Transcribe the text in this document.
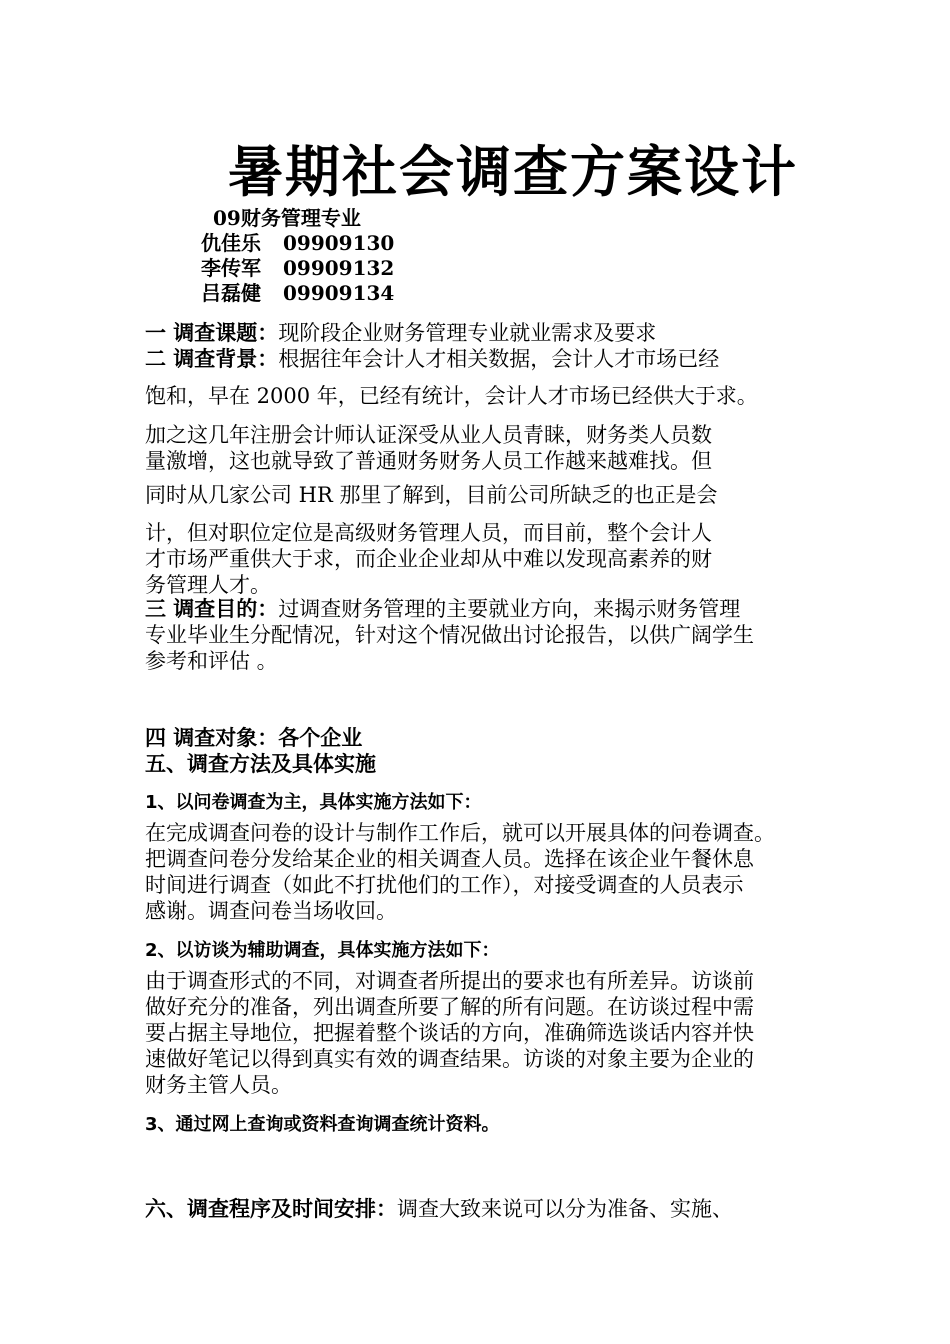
暑期社会调查方案设计
09财务管理专业
仇佳乐 09909130
李传军 09909132
吕磊健 09909134
一 调查课题：现阶段企业财务管理专业就业需求及要求
二 调查背景：根据往年会计人才相关数据，会计人才市场已经
饱和，早在 2000 年，已经有统计，会计人才市场已经供大于求。
加之这几年注册会计师认证深受从业人员青睐，财务类人员数
量激增，这也就导致了普通财务财务人员工作越来越难找。但
同时从几家公司 HR 那里了解到，目前公司所缺乏的也正是会
计，但对职位定位是高级财务管理人员，而目前，整个会计人
才市场严重供大于求，而企业企业却从中难以发现高素养的财
务管理人才。
三 调查目的：过调查财务管理的主要就业方向，来揭示财务管理
专业毕业生分配情况，针对这个情况做出讨论报告，以供广阔学生
参考和评估 。
四 调查对象：各个企业
五、调查方法及具体实施
1、以问卷调查为主，具体实施方法如下：
在完成调查问卷的设计与制作工作后，就可以开展具体的问卷调查。
把调查问卷分发给某企业的相关调查人员。选择在该企业午餐休息
时间进行调查（如此不打扰他们的工作），对接受调查的人员表示
感谢。调查问卷当场收回。
2、以访谈为辅助调查，具体实施方法如下：
由于调查形式的不同，对调查者所提出的要求也有所差异。访谈前
做好充分的准备，列出调查所要了解的所有问题。在访谈过程中需
要占据主导地位，把握着整个谈话的方向，准确筛选谈话内容并快
速做好笔记以得到真实有效的调查结果。访谈的对象主要为企业的
财务主管人员。
3、通过网上查询或资料查询调查统计资料。
六、调查程序及时间安排：调查大致来说可以分为准备、实施、
